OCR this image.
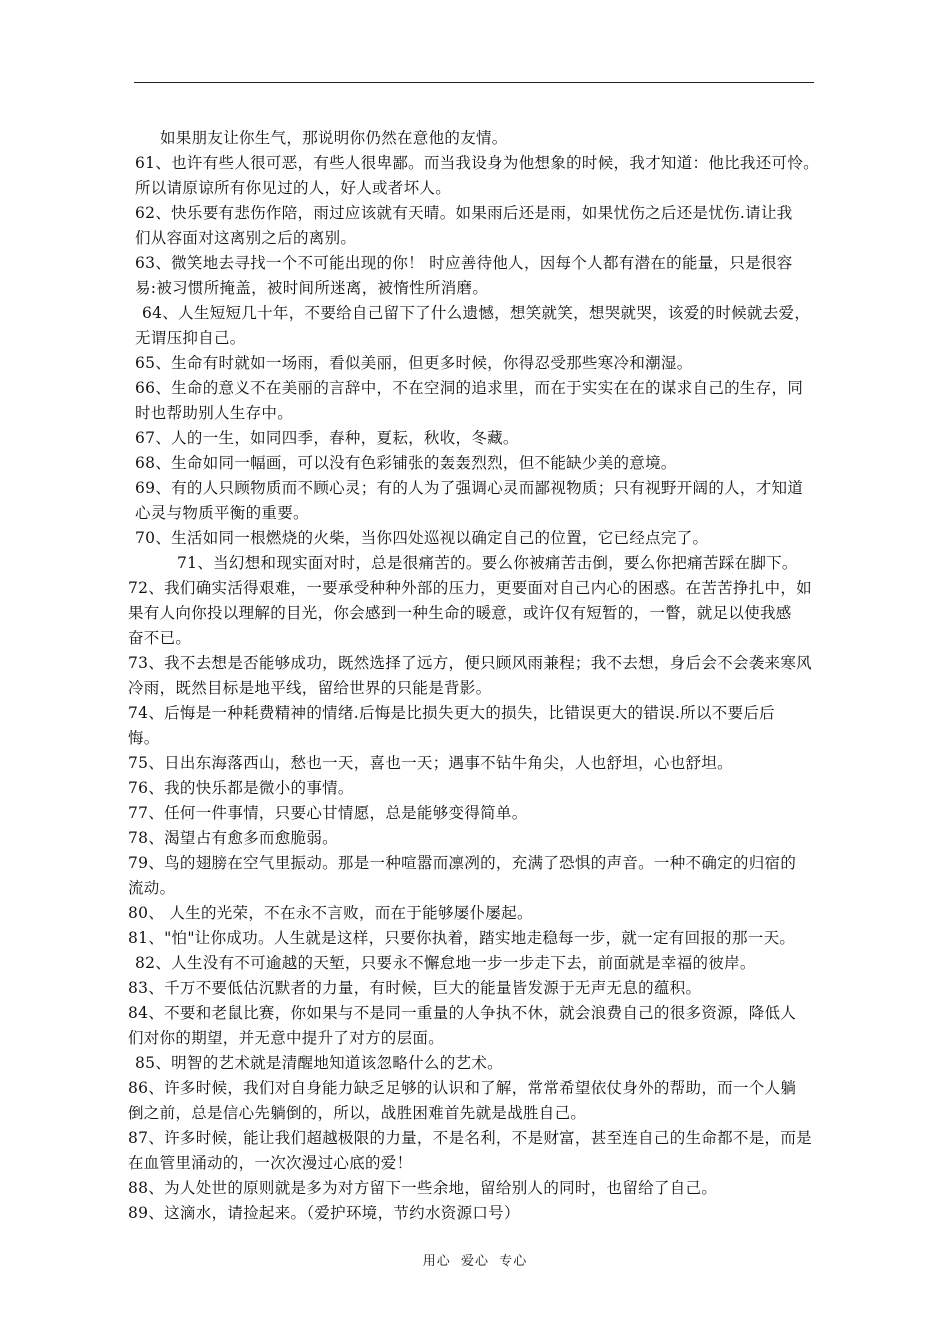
如果朋友让你生气，那说明你仍然在意他的友情。
61、也许有些人很可恶，有些人很卑鄙。而当我设身为他想象的时候，我才知道：他比我还可怜。
所以请原谅所有你见过的人，好人或者坏人。
62、快乐要有悲伤作陪，雨过应该就有天晴。如果雨后还是雨，如果忧伤之后还是忧伤.请让我
们从容面对这离别之后的离别。
63、微笑地去寻找一个不可能出现的你！ 时应善待他人，因每个人都有潜在的能量，只是很容
易:被习惯所掩盖，被时间所迷离，被惰性所消磨。
64、人生短短几十年，不要给自己留下了什么遗憾，想笑就笑，想哭就哭，该爱的时候就去爱，
无谓压抑自己。
65、生命有时就如一场雨，看似美丽，但更多时候，你得忍受那些寒冷和潮湿。
66、生命的意义不在美丽的言辞中，不在空洞的追求里，而在于实实在在的谋求自己的生存，同
时也帮助别人生存中。
67、人的一生，如同四季，春种，夏耘，秋收，冬藏。
68、生命如同一幅画，可以没有色彩铺张的轰轰烈烈，但不能缺少美的意境。
69、有的人只顾物质而不顾心灵；有的人为了强调心灵而鄙视物质；只有视野开阔的人，才知道
心灵与物质平衡的重要。
70、生活如同一根燃烧的火柴，当你四处巡视以确定自己的位置，它已经点完了。
71、当幻想和现实面对时，总是很痛苦的。要么你被痛苦击倒，要么你把痛苦踩在脚下。
72、我们确实活得艰难，一要承受种种外部的压力，更要面对自己内心的困惑。在苦苦挣扎中，如
果有人向你投以理解的目光，你会感到一种生命的暖意，或许仅有短暂的，一瞥，就足以使我感
奋不已。
73、我不去想是否能够成功，既然选择了远方，便只顾风雨兼程；我不去想，身后会不会袭来寒风
冷雨，既然目标是地平线，留给世界的只能是背影。
74、后悔是一种耗费精神的情绪.后悔是比损失更大的损失，比错误更大的错误.所以不要后后
悔。
75、日出东海落西山，愁也一天，喜也一天；遇事不钻牛角尖，人也舒坦，心也舒坦。
76、我的快乐都是微小的事情。
77、任何一件事情，只要心甘情愿，总是能够变得简单。
78、渴望占有愈多而愈脆弱。
79、鸟的翅膀在空气里振动。那是一种喧嚣而凛冽的，充满了恐惧的声音。一种不确定的归宿的
流动。
80、 人生的光荣，不在永不言败，而在于能够屡仆屡起。
81、"怕"让你成功。人生就是这样，只要你执着，踏实地走稳每一步，就一定有回报的那一天。
82、人生没有不可逾越的天堑，只要永不懈怠地一步一步走下去，前面就是幸福的彼岸。
83、千万不要低估沉默者的力量，有时候，巨大的能量皆发源于无声无息的蕴积。
84、不要和老鼠比赛，你如果与不是同一重量的人争执不休，就会浪费自己的很多资源，降低人
们对你的期望，并无意中提升了对方的层面。
85、明智的艺术就是清醒地知道该忽略什么的艺术。
86、许多时候，我们对自身能力缺乏足够的认识和了解，常常希望依仗身外的帮助，而一个人躺
倒之前，总是信心先躺倒的，所以，战胜困难首先就是战胜自己。
87、许多时候，能让我们超越极限的力量，不是名利，不是财富，甚至连自己的生命都不是，而是
在血管里涌动的，一次次漫过心底的爱！
88、为人处世的原则就是多为对方留下一些余地，留给别人的同时，也留给了自己。
89、这滴水，请捡起来。（爱护环境，节约水资源口号）
用心  爱心  专心
